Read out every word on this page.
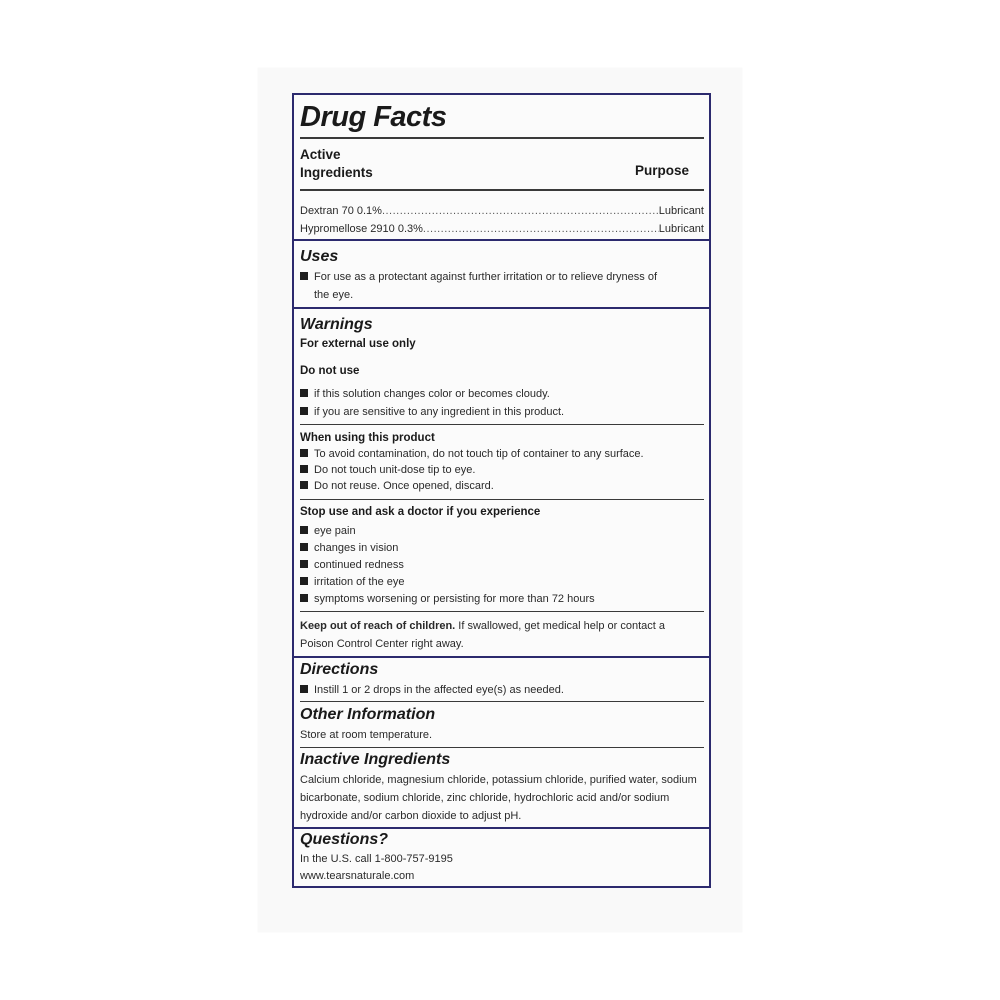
Drug Facts
Active
Ingredients	Purpose
Dextran 70 0.1% .....	Lubricant
Hypromellose 2910 0.3% .....	Lubricant
Uses
For use as a protectant against further irritation or to relieve dryness of
the eye.
Warnings
For external use only
Do not use
if this solution changes color or becomes cloudy.
if you are sensitive to any ingredient in this product.
When using this product
To avoid contamination, do not touch tip of container to any surface.
Do not touch unit-dose tip to eye.
Do not reuse. Once opened, discard.
Stop use and ask a doctor if you experience
eye pain
changes in vision
continued redness
irritation of the eye
symptoms worsening or persisting for more than 72 hours
Keep out of reach of children. If swallowed, get medical help or contact a
Poison Control Center right away.
Directions
Instill 1 or 2 drops in the affected eye(s) as needed.
Other Information
Store at room temperature.
Inactive Ingredients
Calcium chloride, magnesium chloride, potassium chloride, purified water, sodium
bicarbonate, sodium chloride, zinc chloride, hydrochloric acid and/or sodium
hydroxide and/or carbon dioxide to adjust pH.
Questions?
In the U.S. call 1-800-757-9195
www.tearsnaturale.com
